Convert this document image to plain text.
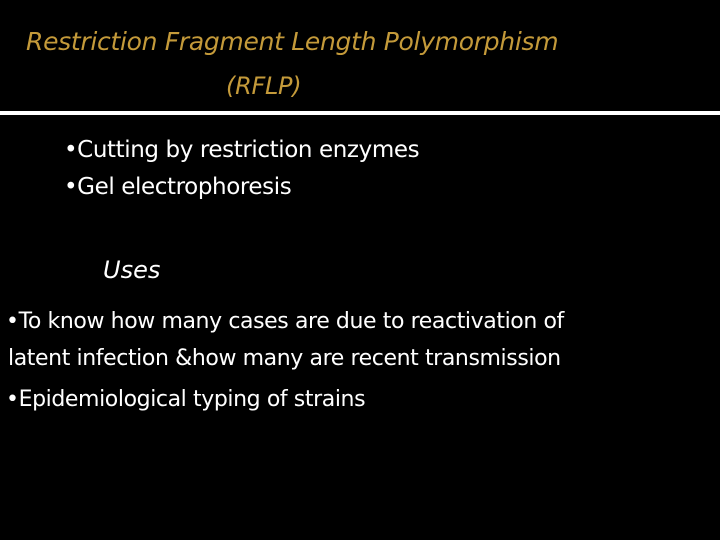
Restriction Fragment Length Polymorphism
(RFLP)
•Cutting by restriction enzymes
•Gel electrophoresis
Uses
•To know how many cases are due to reactivation of
latent infection &how many are recent transmission
•Epidemiological typing of strains
